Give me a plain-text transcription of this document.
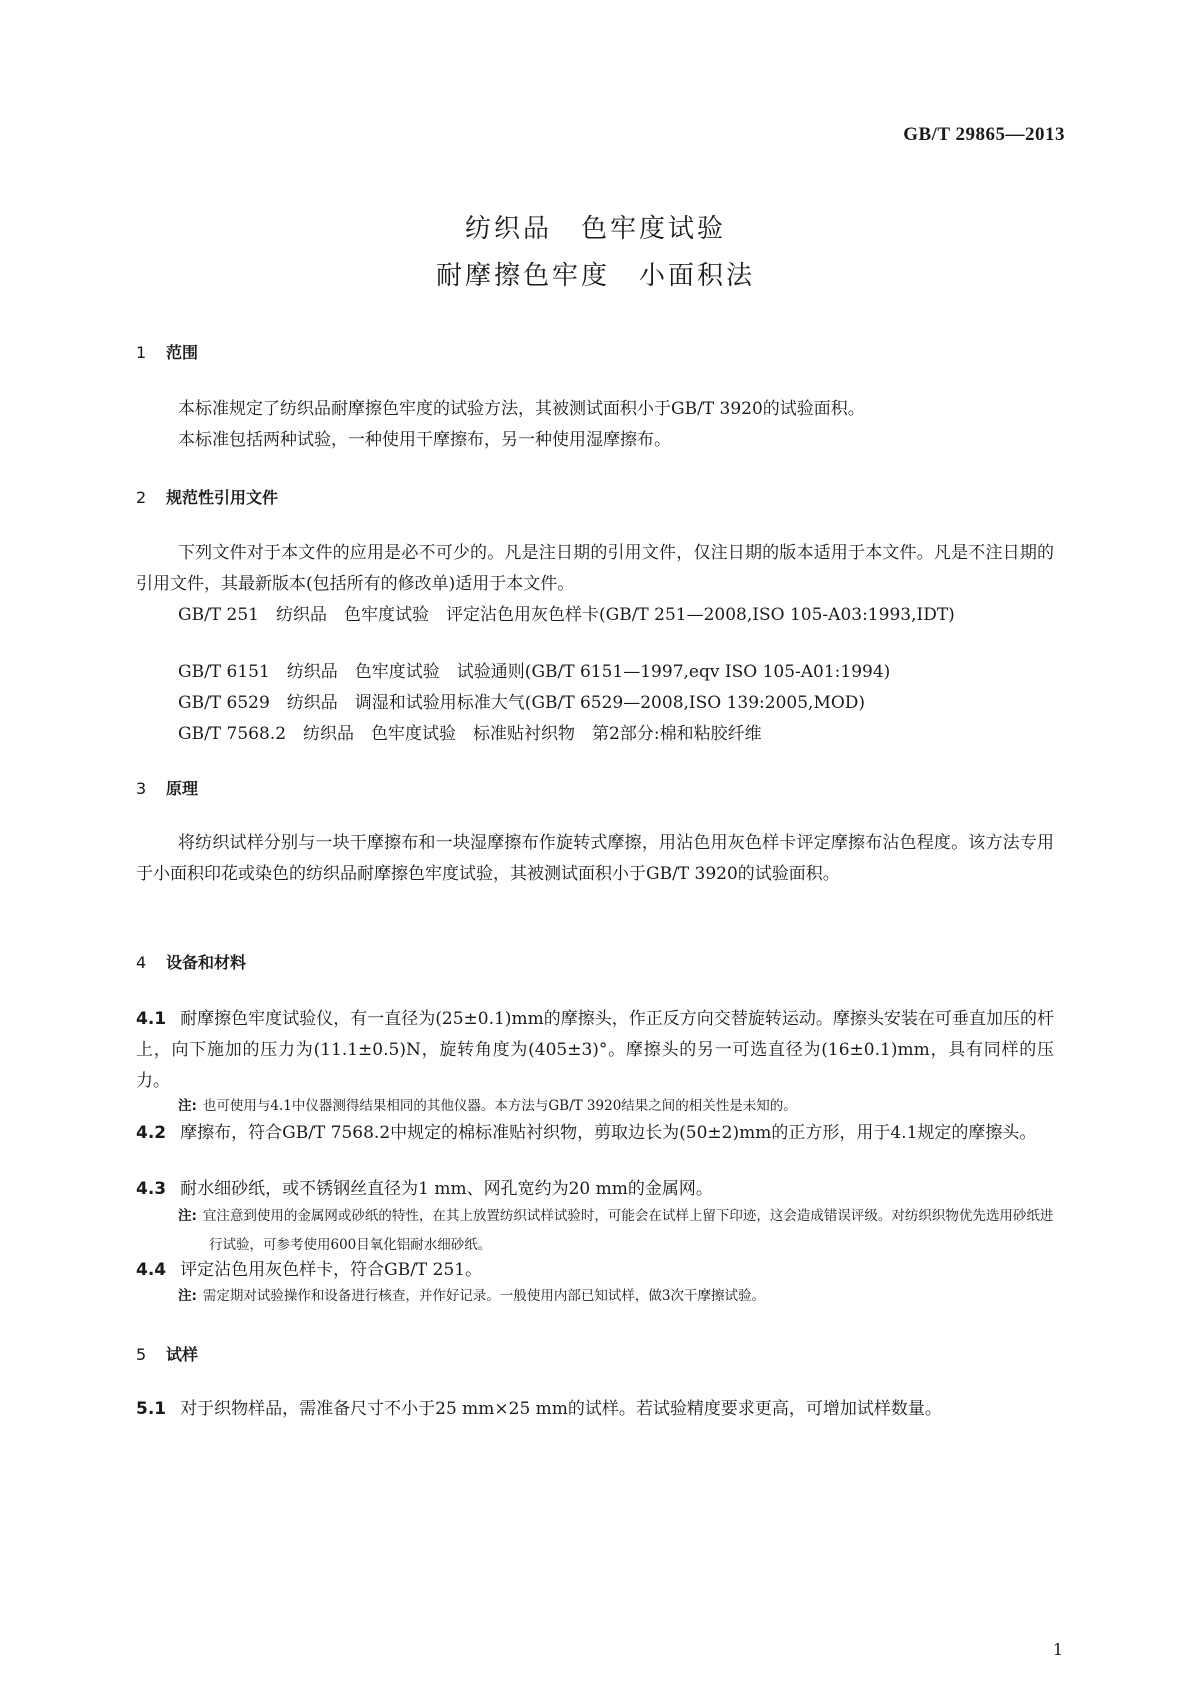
GB/T 29865—2013
纺织品　色牢度试验
耐摩擦色牢度　小面积法
1 范围
本标准规定了纺织品耐摩擦色牢度的试验方法，其被测试面积小于GB/T 3920的试验面积。
本标准包括两种试验，一种使用干摩擦布，另一种使用湿摩擦布。
2 规范性引用文件
下列文件对于本文件的应用是必不可少的。凡是注日期的引用文件，仅注日期的版本适用于本文件。凡是不注日期的引用文件，其最新版本(包括所有的修改单)适用于本文件。
GB/T 251　纺织品　色牢度试验　评定沾色用灰色样卡(GB/T 251—2008,ISO 105-A03:1993,IDT)
GB/T 6151　纺织品　色牢度试验　试验通则(GB/T 6151—1997,eqv ISO 105-A01:1994)
GB/T 6529　纺织品　调湿和试验用标准大气(GB/T 6529—2008,ISO 139:2005,MOD)
GB/T 7568.2　纺织品　色牢度试验　标准贴衬织物　第2部分:棉和粘胶纤维
3 原理
将纺织试样分别与一块干摩擦布和一块湿摩擦布作旋转式摩擦，用沾色用灰色样卡评定摩擦布沾色程度。该方法专用于小面积印花或染色的纺织品耐摩擦色牢度试验，其被测试面积小于GB/T 3920的试验面积。
4 设备和材料
4.1 耐摩擦色牢度试验仪，有一直径为(25±0.1)mm的摩擦头，作正反方向交替旋转运动。摩擦头安装在可垂直加压的杆上，向下施加的压力为(11.1±0.5)N，旋转角度为(405±3)°。摩擦头的另一可选直径为(16±0.1)mm，具有同样的压力。
注: 也可使用与4.1中仪器测得结果相同的其他仪器。本方法与GB/T 3920结果之间的相关性是未知的。
4.2 摩擦布，符合GB/T 7568.2中规定的棉标准贴衬织物，剪取边长为(50±2)mm的正方形，用于4.1规定的摩擦头。
4.3 耐水细砂纸，或不锈钢丝直径为1 mm、网孔宽约为20 mm的金属网。
注: 宜注意到使用的金属网或砂纸的特性，在其上放置纺织试样试验时，可能会在试样上留下印迹，这会造成错误评级。对纺织织物优先选用砂纸进行试验，可参考使用600目氧化铝耐水细砂纸。
4.4 评定沾色用灰色样卡，符合GB/T 251。
注: 需定期对试验操作和设备进行核查，并作好记录。一般使用内部已知试样，做3次干摩擦试验。
5 试样
5.1 对于织物样品，需准备尺寸不小于25 mm×25 mm的试样。若试验精度要求更高，可增加试样数量。
1
